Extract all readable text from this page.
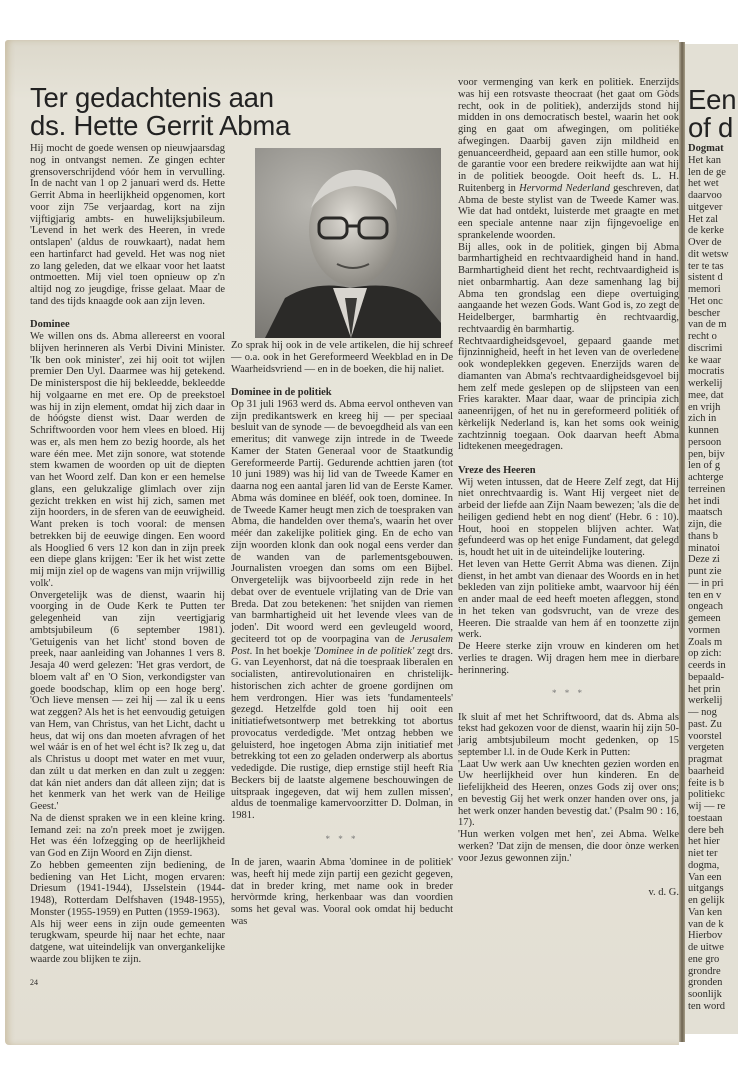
Ter gedachtenis aan
ds. Hette Gerrit Abma

Hij mocht de goede wensen op nieuwjaarsdag nog in ontvangst nemen. Ze gingen echter grensoverschrijdend vóór hem in vervulling. In de nacht van 1 op 2 januari werd ds. Hette Gerrit Abma in heerlijkheid opgenomen, kort voor zijn 75e verjaardag, kort na zijn vijftigjarig ambts- en huwelijksjubileum. 'Levend in het werk des Heeren, in vrede ontslapen' (aldus de rouwkaart), nadat hem een hartinfarct had geveld. Het was nog niet zo lang geleden, dat we elkaar voor het laatst ontmoetten. Mij viel toen opnieuw op z'n altijd nog zo jeugdige, frisse gelaat. Maar de tand des tijds knaagde ook aan zijn leven.

Dominee

We willen ons ds. Abma allereerst en vooral blijven herinneren als Verbi Divini Minister. 'Ik ben ook minister', zei hij ooit tot wijlen premier Den Uyl. Daarmee was hij getekend. De ministerspost die hij bekleedde, bekleedde hij volgaarne en met ere. Op de preekstoel was hij in zijn element, omdat hij zich daar in de hóógste dienst wist. Daar werden de Schriftwoorden voor hem vlees en bloed. Hij was er, als men hem zo bezig hoorde, als het ware één mee. Met zijn sonore, wat stotende stem kwamen de woorden op uit de diepten van het Woord zelf. Dan kon er een hemelse glans, een gelukzalige glimlach over zijn gezicht trekken en wist hij zich, samen met zijn hoorders, in de sferen van de eeuwigheid. Want preken is toch vooral: de mensen betrekken bij de eeuwige dingen. Een woord als Hooglied 6 vers 12 kon dan in zijn preek een diepe glans krijgen: 'Eer ik het wist zette mij mijn ziel op de wagens van mijn vrijwillig volk'.

Onvergetelijk was de dienst, waarin hij voorging in de Oude Kerk te Putten ter gelegenheid van zijn veertigjarig ambtsjubileum (6 september 1981). 'Getuigenis van het licht' stond boven de preek, naar aanleiding van Johannes 1 vers 8. Jesaja 40 werd gelezen: 'Het gras verdort, de bloem valt af' en 'O Sion, verkondigster van goede boodschap, klim op een hoge berg'. 'Och lieve mensen — zei hij — zal ik u eens wat zeggen? Als het is het eenvoudig getuigen van Hem, van Christus, van het Licht, dacht u heus, dat wij ons dan moeten afvragen of het wel wáár is en of het wel écht is? Ik zeg u, dat als Christus u doopt met water en met vuur, dan zúlt u dat merken en dan zult u zeggen: dat kán niet anders dan dát alleen zijn; dat is het kenmerk van het werk van de Heilige Geest.'

Na de dienst spraken we in een kleine kring. Iemand zei: na zo'n preek moet je zwijgen. Het was één lofzegging op de heerlijkheid van God en Zijn Woord en Zijn dienst.

Zo hebben gemeenten zijn bediening, de bediening van Het Licht, mogen ervaren: Driesum (1941-1944), IJsselstein (1944-1948), Rotterdam Delfshaven (1948-1955), Monster (1955-1959) en Putten (1959-1963).

Als hij weer eens in zijn oude gemeenten terugkwam, speurde hij naar het echte, naar datgene, wat uiteindelijk van onvergankelijke waarde zou blijken te zijn.

24

Zo sprak hij ook in de vele artikelen, die hij schreef — o.a. ook in het Gereformeerd Weekblad en in De Waarheidsvriend — en in de boeken, die hij naliet.

Dominee in de politiek

Op 31 juli 1963 werd ds. Abma eervol ontheven van zijn predikantswerk en kreeg hij — per speciaal besluit van de synode — de bevoegdheid als van een emeritus; dit vanwege zijn intrede in de Tweede Kamer der Staten Generaal voor de Staatkundig Gereformeerde Partij. Gedurende achttien jaren (tot 10 juni 1989) was hij lid van de Tweede Kamer en daarna nog een aantal jaren lid van de Eerste Kamer. Abma wás dominee en blééf, ook toen, dominee. In de Tweede Kamer heugt men zich de toespraken van Abma, die handelden over thema's, waarin het over méér dan zakelijke politiek ging. En de echo van zijn woorden klonk dan ook nogal eens verder dan de wanden van de parlementsgebouwen. Journalisten vroegen dan soms om een Bijbel. Onvergetelijk was bijvoorbeeld zijn rede in het debat over de eventuele vrijlating van de Drie van Breda. Dat zou betekenen: 'het snijden van riemen van barmhartigheid uit het levende vlees van de joden'. Dit woord werd een gevleugeld woord, geciteerd tot op de voorpagina van de Jerusalem Post. In het boekje 'Dominee in de politiek' zegt drs. G. van Leyenhorst, dat ná die toespraak liberalen en socialisten, antirevolutionairen en christelijk-historischen zich achter de groene gordijnen om hem verdrongen. Hier was iets 'fundamenteels' gezegd. Hetzelfde gold toen hij ooit een initiatiefwetsontwerp met betrekking tot abortus provocatus verdedigde. 'Met ontzag hebben we geluisterd, hoe ingetogen Abma zijn initiatief met betrekking tot een zo geladen onderwerp als abortus vededigde. Die rustige, diep ernstige stijl heeft Ria Beckers bij de laatste algemene beschouwingen de uitspraak ingegeven, dat wij hem zullen missen', aldus de toenmalige kamervoorzitter D. Dolman, in 1981.

* * *

In de jaren, waarin Abma 'dominee in de politiek' was, heeft hij mede zijn partij een gezicht gegeven, dat in breder kring, met name ook in breder hervòrmde kring, herkenbaar was dan voordien soms het geval was. Vooral ook omdat hij beducht was

voor vermenging van kerk en politiek. Enerzijds was hij een rotsvaste theocraat (het gaat om Gòds recht, ook in de politiek), anderzijds stond hij midden in ons democratisch bestel, waarin het ook ging en gaat om afwegingen, om politiéke afwegingen. Daarbij gaven zijn mildheid en genuanceerdheid, gepaard aan een stille humor, ook de garantie voor een bredere reikwijdte aan wat hij in de politiek beoogde. Ooit heeft ds. L. H. Ruitenberg in Hervormd Nederland geschreven, dat Abma de beste stylist van de Tweede Kamer was. Wie dat had ontdekt, luisterde met graagte en met een speciale antenne naar zijn fijngevoelige en sprankelende woorden.

Bij alles, ook in de politiek, gingen bij Abma barmhartigheid en rechtvaardigheid hand in hand. Barmhartigheid dient het recht, rechtvaardigheid is niet onbarmhartig. Aan deze samenhang lag bij Abma ten grondslag een diepe overtuiging aangaande het wezen Gods. Want God is, zo zegt de Heidelberger, barmhartig èn rechtvaardig, rechtvaardig èn barmhartig.

Rechtvaardigheidsgevoel, gepaard gaande met fijnzinnigheid, heeft in het leven van de overledene ook wondeplekken gegeven. Enerzijds waren de diamanten van Abma's rechtvaardigheidsgevoel bij hem zelf mede geslepen op de slijpsteen van een Fries karakter. Maar daar, waar de principia zich aaneenrijgen, of het nu in gereformeerd politiék of kèrkelijk Nederland is, kan het soms ook weinig zachtzinnig toegaan. Ook daarvan heeft Abma lidtekenen meegedragen.

Vreze des Heeren

Wij weten intussen, dat de Heere Zelf zegt, dat Hij niet onrechtvaardig is. Want Hij vergeet niet de arbeid der liefde aan Zijn Naam bewezen; 'als die de heiligen gediend hebt en nog dient' (Hebr. 6 : 10). Hout, hooi en stoppelen blijven achter. Wat gefundeerd was op het enige Fundament, dat gelegd is, houdt het uit in de uiteindelijke loutering.

Het leven van Hette Gerrit Abma was dienen. Zijn dienst, in het ambt van dienaar des Woords en in het bekleden van zijn politieke ambt, waarvoor hij één en ander maal de eed heeft moeten afleggen, stond in het teken van godsvrucht, van de vreze des Heeren. Die straalde van hem áf en toonzette zijn werk.

De Heere sterke zijn vrouw en kinderen om het verlies te dragen. Wij dragen hem mee in dierbare herinnering.

* * *

Ik sluit af met het Schriftwoord, dat ds. Abma als tekst had gekozen voor de dienst, waarin hij zijn 50-jarig ambtsjubileum mocht gedenken, op 15 september l.l. in de Oude Kerk in Putten:

'Laat Uw werk aan Uw knechten gezien worden en Uw heerlijkheid over hun kinderen. En de liefelijkheid des Heeren, onzes Gods zij over ons; en bevestig Gij het werk onzer handen over ons, ja het werk onzer handen bevestig dat.' (Psalm 90 : 16, 17).

'Hun werken volgen met hen', zei Abma. Welke werken? 'Dat zijn de mensen, die door ònze werken voor Jezus gewonnen zijn.'

v. d. G.
Een
of d
Dogmat
Het kan
len de ge
het wet
daarvoo
uitgever
Het zal
de kerke
Over de
dit wetsw
ter te tas
sistent d
memori
'Het onc
bescher
van de m
recht o
discrimi
ke waar
mocratis
werkelij
mee, dat
en vrijh
zich in
kunnen
persoon
pen, bijv
len of g
achterge
terreinen
het indi
maatsch
zijn, die
thans b
minatoi
Deze zi
punt zie
— in pri
ten en v
ongeach
gemeen
vormen
Zoals m
op zich:
ceerds in
bepaald-
het prin
werkelij
— nog
past. Zu
voorstel
vergeten
pragmat
baarheid
feite is b
politiekc
wij — re
toestaan
dere beh
het hier
niet ter
dogma,
Van een
uitgangs
en gelijk
Van ken
van de k
Hierbov
de uitwe
ene gro
grondre
gronden
soonlijk
ten word
